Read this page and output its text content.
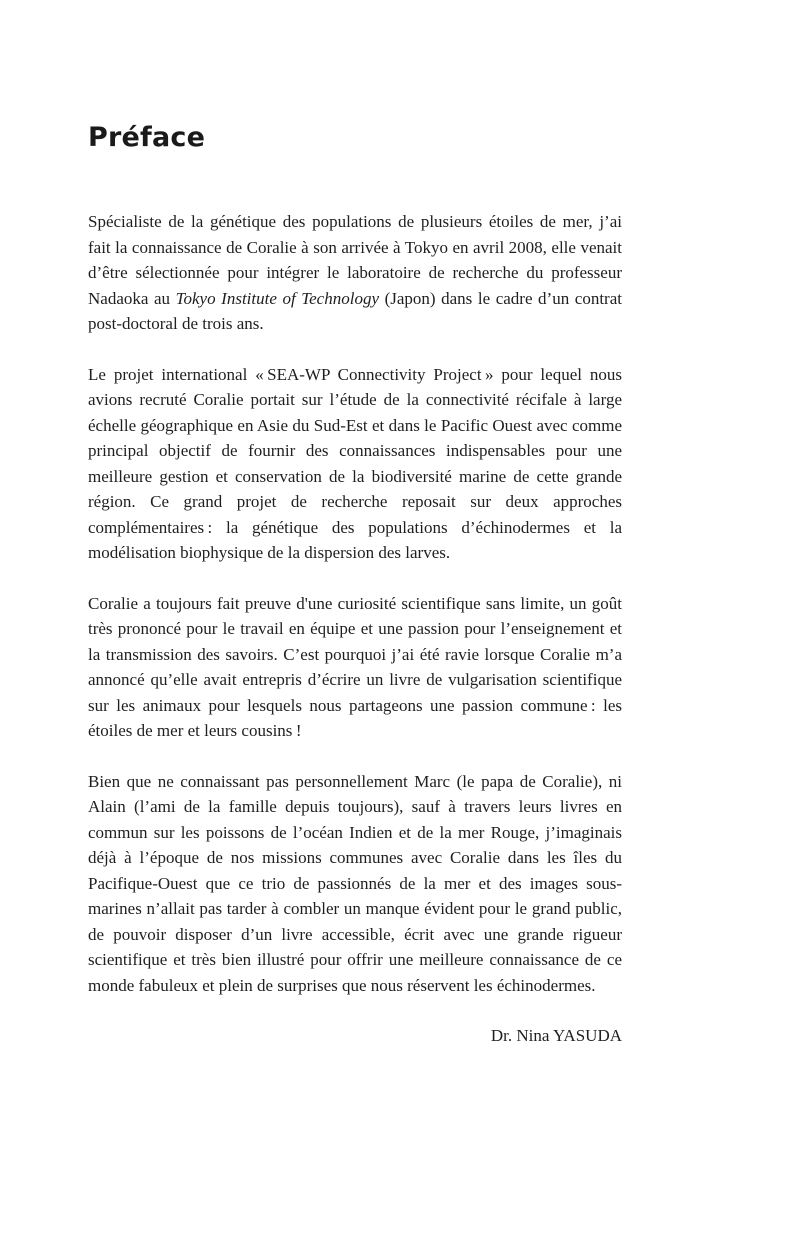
Préface

Spécialiste de la génétique des populations de plusieurs étoiles de mer, j’ai fait la connaissance de Coralie à son arrivée à Tokyo en avril 2008, elle venait d’être sélectionnée pour intégrer le laboratoire de recherche du professeur Nadaoka au Tokyo Institute of Technology (Japon) dans le cadre d’un contrat post-doctoral de trois ans.

Le projet international « SEA-WP Connectivity Project » pour lequel nous avions recruté Coralie portait sur l’étude de la connectivité récifale à large échelle géographique en Asie du Sud-Est et dans le Pacific Ouest avec comme principal objectif de fournir des connaissances indispensables pour une meilleure gestion et conservation de la biodiversité marine de cette grande région. Ce grand projet de recherche reposait sur deux approches complémentaires : la génétique des populations d’échinodermes et la modélisation biophysique de la dispersion des larves.

Coralie a toujours fait preuve d'une curiosité scientifique sans limite, un goût très prononcé pour le travail en équipe et une passion pour l’enseignement et la transmission des savoirs. C’est pourquoi j’ai été ravie lorsque Coralie m’a annoncé qu’elle avait entrepris d’écrire un livre de vulgarisation scientifique sur les animaux pour lesquels nous partageons une passion commune : les étoiles de mer et leurs cousins !

Bien que ne connaissant pas personnellement Marc (le papa de Coralie), ni Alain (l’ami de la famille depuis toujours), sauf à travers leurs livres en commun sur les poissons de l’océan Indien et de la mer Rouge, j’imaginais déjà à l’époque de nos missions communes avec Coralie dans les îles du Pacifique-Ouest que ce trio de passionnés de la mer et des images sous-marines n’allait pas tarder à combler un manque évident pour le grand public, de pouvoir disposer d’un livre accessible, écrit avec une grande rigueur scientifique et très bien illustré pour offrir une meilleure connaissance de ce monde fabuleux et plein de surprises que nous réservent les échinodermes.

Dr. Nina YASUDA
